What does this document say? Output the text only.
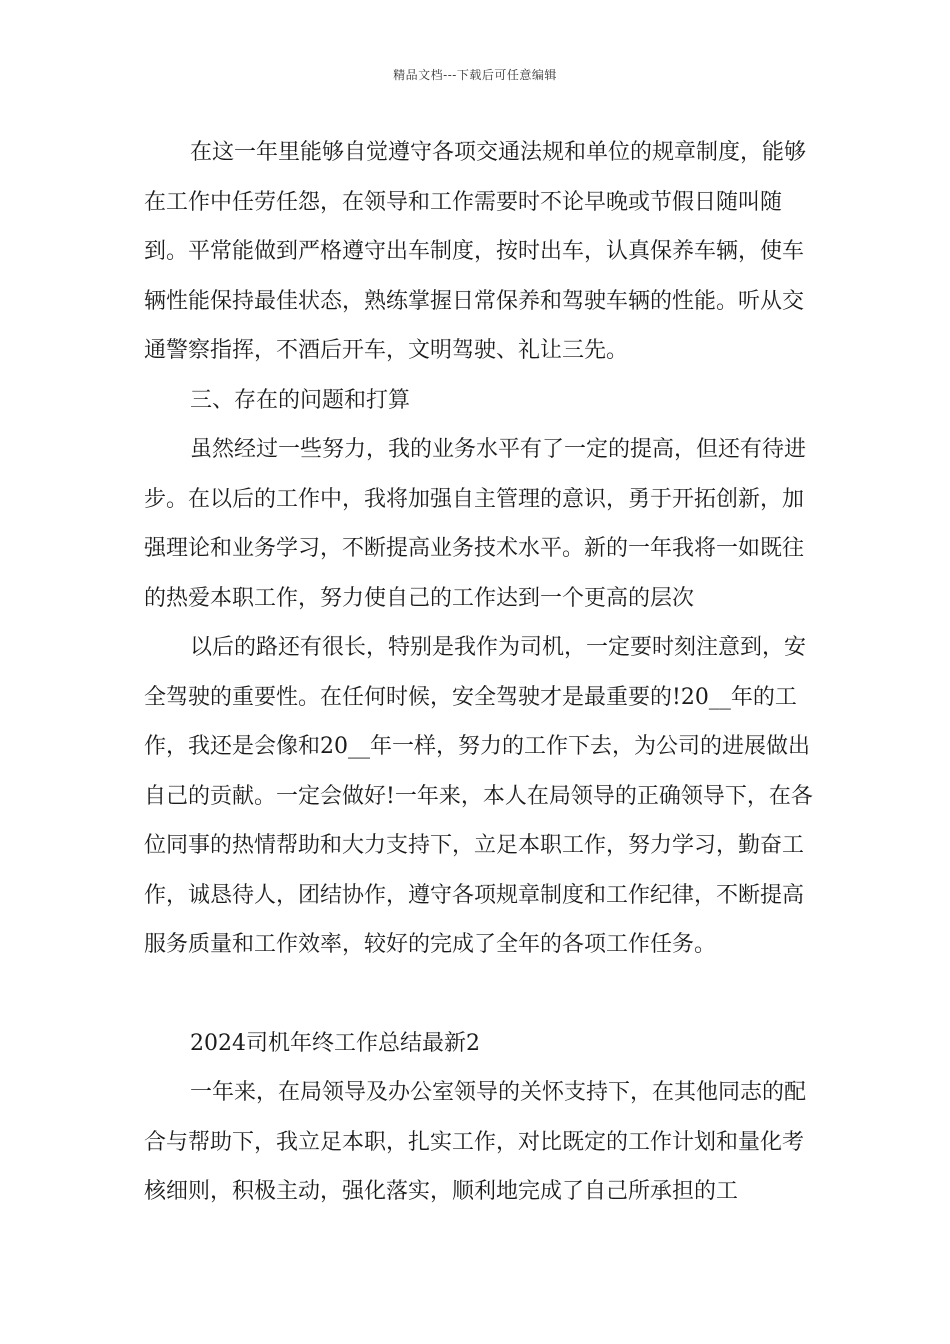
精品文档---下载后可任意编辑

在这一年里能够自觉遵守各项交通法规和单位的规章制度，能够在工作中任劳任怨，在领导和工作需要时不论早晚或节假日随叫随到。平常能做到严格遵守出车制度，按时出车，认真保养车辆，使车辆性能保持最佳状态，熟练掌握日常保养和驾驶车辆的性能。听从交通警察指挥，不酒后开车，文明驾驶、礼让三先。

三、存在的问题和打算

虽然经过一些努力，我的业务水平有了一定的提高，但还有待进步。在以后的工作中，我将加强自主管理的意识，勇于开拓创新，加强理论和业务学习，不断提高业务技术水平。新的一年我将一如既往的热爱本职工作，努力使自己的工作达到一个更高的层次

以后的路还有很长，特别是我作为司机，一定要时刻注意到，安全驾驶的重要性。在任何时候，安全驾驶才是最重要的!20__年的工作，我还是会像和20__年一样，努力的工作下去，为公司的进展做出自己的贡献。一定会做好!一年来，本人在局领导的正确领导下，在各位同事的热情帮助和大力支持下，立足本职工作，努力学习，勤奋工作，诚恳待人，团结协作，遵守各项规章制度和工作纪律，不断提高服务质量和工作效率，较好的完成了全年的各项工作任务。

2024司机年终工作总结最新2

一年来，在局领导及办公室领导的关怀支持下，在其他同志的配合与帮助下，我立足本职，扎实工作，对比既定的工作计划和量化考核细则，积极主动，强化落实，顺利地完成了自己所承担的工
